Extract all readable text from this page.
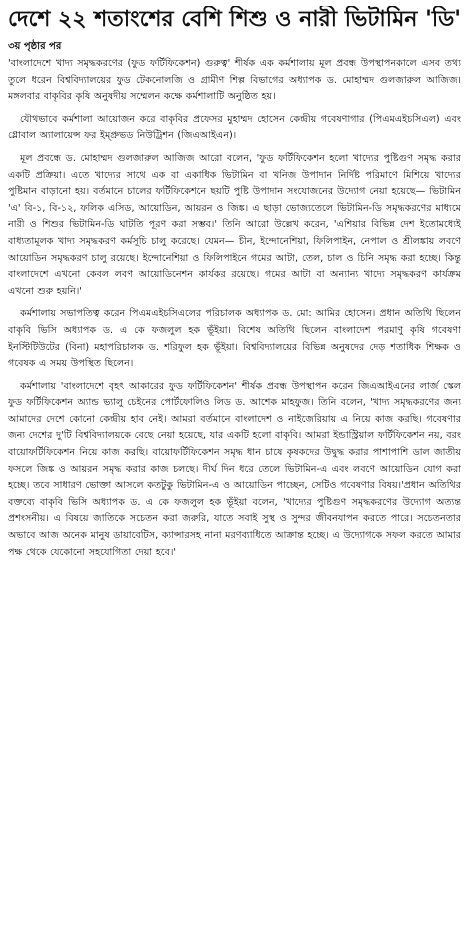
দেশে ২২ শতাংশের বেশি শিশু ও নারী ভিটামিন 'ডি'
৩য় পৃষ্ঠার পর

'বাংলাদেশে খাদ্য সমৃদ্ধকরণের (ফুড ফর্টিফিকেশন) গুরুত্ব' শীর্ষক এক কর্মশালায় মূল প্রবন্ধ উপস্থাপনকালে এসব তথ্য তুলে ধরেন বিশ্ববিদ্যালয়ের ফুড টেকনোলজি ও গ্রামীণ শিল্প বিভাগের অধ্যাপক ড. মোহাম্মদ গুলজারুল আজিজ। মঙ্গলবার বাকৃবির কৃষি অনুষদীয় সম্মেলন কক্ষে কর্মশালাটি অনুষ্ঠিত হয়।

যৌথভাবে কর্মশালা আয়োজন করে বাকৃবির প্রফেসর মুহাম্মদ হোসেন কেন্দ্রীয় গবেষণাগার (পিএমএইচসিএল) এবং গ্লোবাল অ্যালায়েন্স ফর ইম্প্রুভড নিউট্রিশন (জিএআইএন)।

মূল প্রবন্ধে ড. মোহাম্মদ গুলজারুল আজিজ আরো বলেন, 'ফুড ফর্টিফিকেশন হলো খাদ্যের পুষ্টিগুণ সমৃদ্ধ করার একটি প্রক্রিয়া। এতে খাদ্যের সাথে এক বা একাধিক ভিটামিন বা খনিজ উপাদান নির্দিষ্ট পরিমাণে মিশিয়ে খাদ্যের পুষ্টিমান বাড়ানো হয়। বর্তমানে চালের ফর্টিফিকেশনে ছয়টি পুষ্টি উপাদান সংযোজনের উদ্যোগ নেয়া হয়েছে— ভিটামিন 'এ' বি-১, বি-১২, ফলিক এসিড, আয়োডিন, আয়রন ও জিঙ্ক। এ ছাড়া ভোজ্যতেলে ভিটামিন-ডি সমৃদ্ধকরণের মাধ্যমে নারী ও শিশুর ভিটামিন-ডি ঘাটতি পূরণ করা সম্ভব।' তিনি আরো উল্লেখ করেন, 'এশিয়ার বিভিন্ন দেশ ইতোমধ্যেই বাধ্যতামূলক খাদ্য সমৃদ্ধকরণ কর্মসূচি চালু করেছে। যেমন— চীন, ইন্দোনেশিয়া, ফিলিপাইন, নেপাল ও শ্রীলঙ্কায় লবণে আয়োডিন সমৃদ্ধকরণ চালু রয়েছে। ইন্দোনেশিয়া ও ফিলিপাইনে গমের আটা, তেল, চাল ও চিনি সমৃদ্ধ করা হচ্ছে। কিন্তু বাংলাদেশে এখনো কেবল লবণ আয়োডিনেশন কার্যকর রয়েছে। গমের আটা বা অন্যান্য খাদ্যে সমৃদ্ধকরণ কার্যক্রম এখনো শুরু হয়নি।'

কর্মশালায় সভাপতিত্ব করেন পিএমএইচসিএলের পরিচালক অধ্যাপক ড. মো: আমির হোসেন। প্রধান অতিথি ছিলেন বাকৃবি ভিসি অধ্যাপক ড. এ কে ফজলুল হক ভূঁইয়া। বিশেষ অতিথি ছিলেন বাংলাদেশ পরমাণু কৃষি গবেষণা ইনস্টিটিউটের (বিনা) মহাপরিচালক ড. শরিফুল হক ভূঁইয়া। বিশ্ববিদ্যালয়ের বিভিন্ন অনুষদের দেড় শতাধিক শিক্ষক ও গবেষক এ সময় উপস্থিত ছিলেন।

কর্মশালায় 'বাংলাদেশে বৃহৎ আকারের ফুড ফর্টিফিকেশন' শীর্ষক প্রবন্ধ উপস্থাপন করেন জিএআইএনের লার্জ স্কেল ফুড ফর্টিফিকেশন অ্যান্ড ভ্যালু চেইনের পোর্টফোলিও লিড ড. আশেক মাহফুজ। তিনি বলেন, 'খাদ্য সমৃদ্ধকরণের জন্য আমাদের দেশে কোনো কেন্দ্রীয় হাব নেই। আমরা বর্তমানে বাংলাদেশ ও নাইজেরিয়ায় এ নিয়ে কাজ করছি। গবেষণার জন্য দেশের দু'টি বিশ্ববিদ্যালয়কে বেছে নেয়া হয়েছে, যার একটি হলো বাকৃবি। আমরা ইন্ডাস্ট্রিয়াল ফর্টিফিকেশন নয়, বরং বায়োফর্টিফিকেশন নিয়ে কাজ করছি। বায়োফর্টিফিকেশন সমৃদ্ধ ধান চাষে কৃষকদের উদ্বুদ্ধ করার পাশাপাশি ডাল জাতীয় ফসলে জিঙ্ক ও আয়রন সমৃদ্ধ করার কাজ চলছে। দীর্ঘ দিন ধরে তেলে ভিটামিন-এ এবং লবণে আয়োডিন যোগ করা হচ্ছে। তবে সাধারণ ভোক্তা আসলে কতটুকু ভিটামিন-এ ও আয়োডিন পাচ্ছেন, সেটিও গবেষণার বিষয়।'প্রধান অতিথির বক্তব্যে বাকৃবি ভিসি অধ্যাপক ড. এ কে ফজলুল হক ভূঁইয়া বলেন, 'খাদ্যের পুষ্টিগুণ সমৃদ্ধকরণের উদ্যোগ অত্যন্ত প্রশংসনীয়। এ বিষয়ে জাতিকে সচেতন করা জরুরি, যাতে সবাই সুস্থ ও সুন্দর জীবনযাপন করতে পারে। সচেতনতার অভাবে আজ অনেক মানুষ ডায়াবেটিস, ক্যান্সারসহ নানা মরণব্যাধিতে আক্রান্ত হচ্ছে। এ উদ্যোগকে সফল করতে আমার পক্ষ থেকে যেকোনো সহযোগিতা দেয়া হবে।'
